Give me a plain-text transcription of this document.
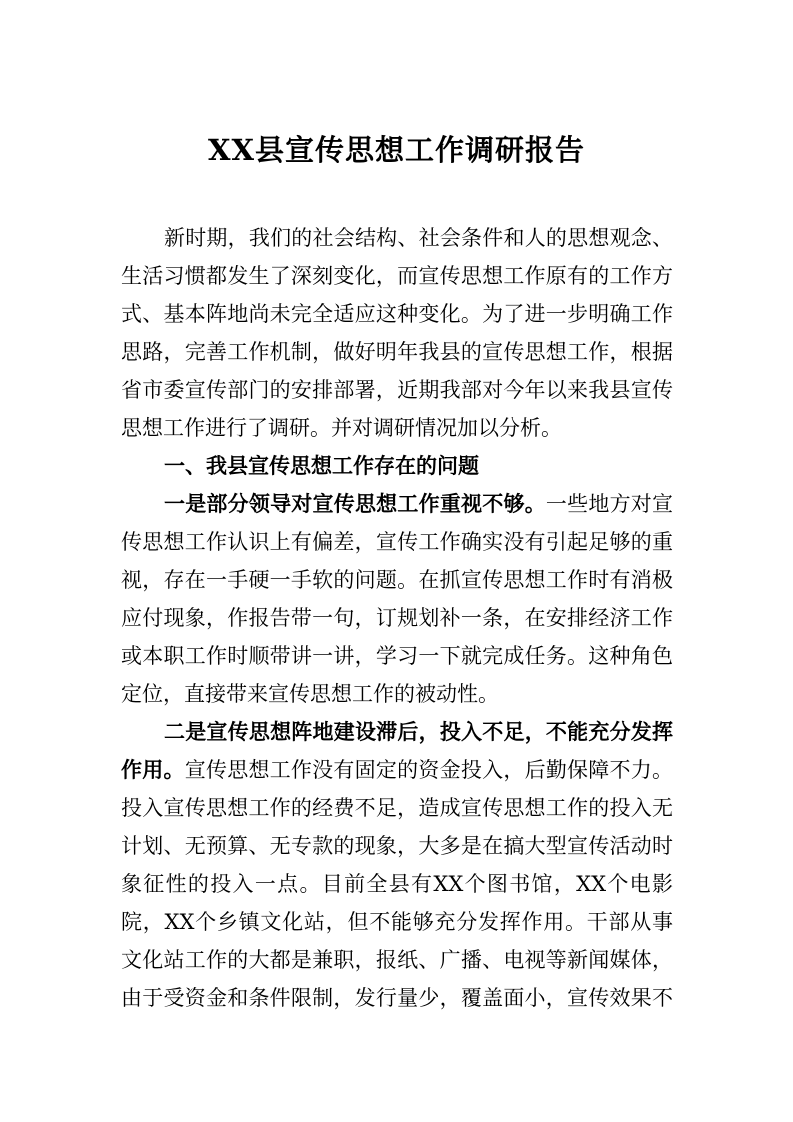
XX县宣传思想工作调研报告
新时期，我们的社会结构、社会条件和人的思想观念、
生活习惯都发生了深刻变化，而宣传思想工作原有的工作方
式、基本阵地尚未完全适应这种变化。为了进一步明确工作
思路，完善工作机制，做好明年我县的宣传思想工作，根据
省市委宣传部门的安排部署，近期我部对今年以来我县宣传
思想工作进行了调研。并对调研情况加以分析。
一、我县宣传思想工作存在的问题
一是部分领导对宣传思想工作重视不够。一些地方对宣
传思想工作认识上有偏差，宣传工作确实没有引起足够的重
视，存在一手硬一手软的问题。在抓宣传思想工作时有消极
应付现象，作报告带一句，订规划补一条，在安排经济工作
或本职工作时顺带讲一讲，学习一下就完成任务。这种角色
定位，直接带来宣传思想工作的被动性。
二是宣传思想阵地建设滞后，投入不足，不能充分发挥
作用。宣传思想工作没有固定的资金投入，后勤保障不力。
投入宣传思想工作的经费不足，造成宣传思想工作的投入无
计划、无预算、无专款的现象，大多是在搞大型宣传活动时
象征性的投入一点。目前全县有XX个图书馆，XX个电影
院，XX个乡镇文化站，但不能够充分发挥作用。干部从事
文化站工作的大都是兼职，报纸、广播、电视等新闻媒体，
由于受资金和条件限制，发行量少，覆盖面小，宣传效果不
